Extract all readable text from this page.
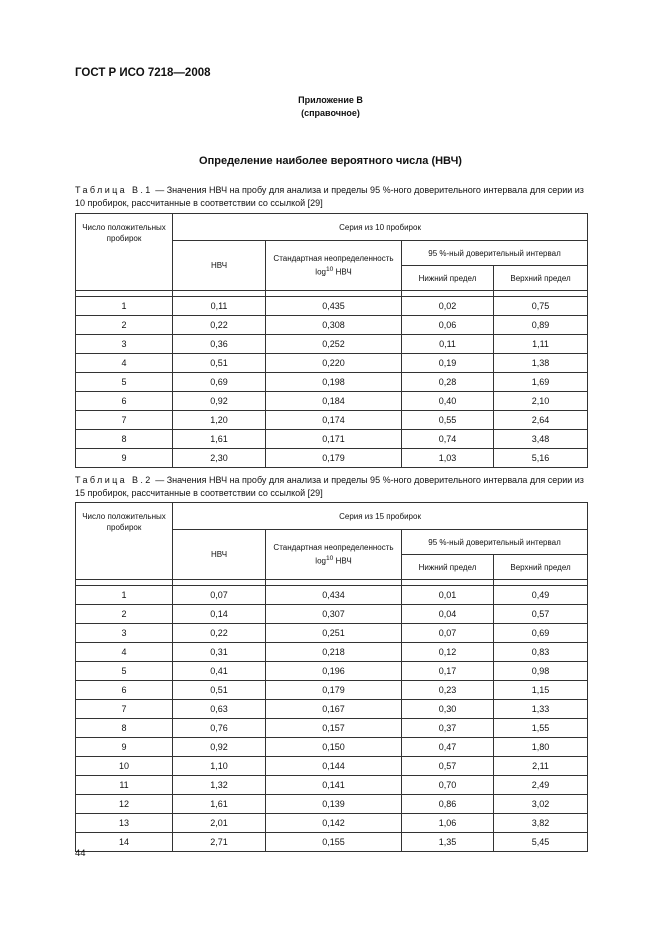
ГОСТ Р ИСО 7218—2008
Приложение В
(справочное)
Определение наиболее вероятного числа (НВЧ)
Таблица В.1 — Значения НВЧ на пробу для анализа и пределы 95 %-ного доверительного интервала для серии из 10 пробирок, рассчитанные в соответствии со ссылкой [29]
Число положительных пробирок	Серия из 10 пробирок			
	НВЧ	Стандартная неопределенность $\log^{10}$ НВЧ	95 %-ный доверительный интервал	
			Нижний предел	Верхний предел

1	0,11	0,435	0,02	0,75
2	0,22	0,308	0,06	0,89
3	0,36	0,252	0,11	1,11
4	0,51	0,220	0,19	1,38
5	0,69	0,198	0,28	1,69
6	0,92	0,184	0,40	2,10
7	1,20	0,174	0,55	2,64
8	1,61	0,171	0,74	3,48
9	2,30	0,179	1,03	5,16
Таблица В.2 — Значения НВЧ на пробу для анализа и пределы 95 %-ного доверительного интервала для серии из 15 пробирок, рассчитанные в соответствии со ссылкой [29]
Число положительных пробирок	Серия из 15 пробирок			
	НВЧ	Стандартная неопределенность $\log^{10}$ НВЧ	95 %-ный доверительный интервал	
			Нижний предел	Верхний предел

1	0,07	0,434	0,01	0,49
2	0,14	0,307	0,04	0,57
3	0,22	0,251	0,07	0,69
4	0,31	0,218	0,12	0,83
5	0,41	0,196	0,17	0,98
6	0,51	0,179	0,23	1,15
7	0,63	0,167	0,30	1,33
8	0,76	0,157	0,37	1,55
9	0,92	0,150	0,47	1,80
10	1,10	0,144	0,57	2,11
11	1,32	0,141	0,70	2,49
12	1,61	0,139	0,86	3,02
13	2,01	0,142	1,06	3,82
14	2,71	0,155	1,35	5,45
44
